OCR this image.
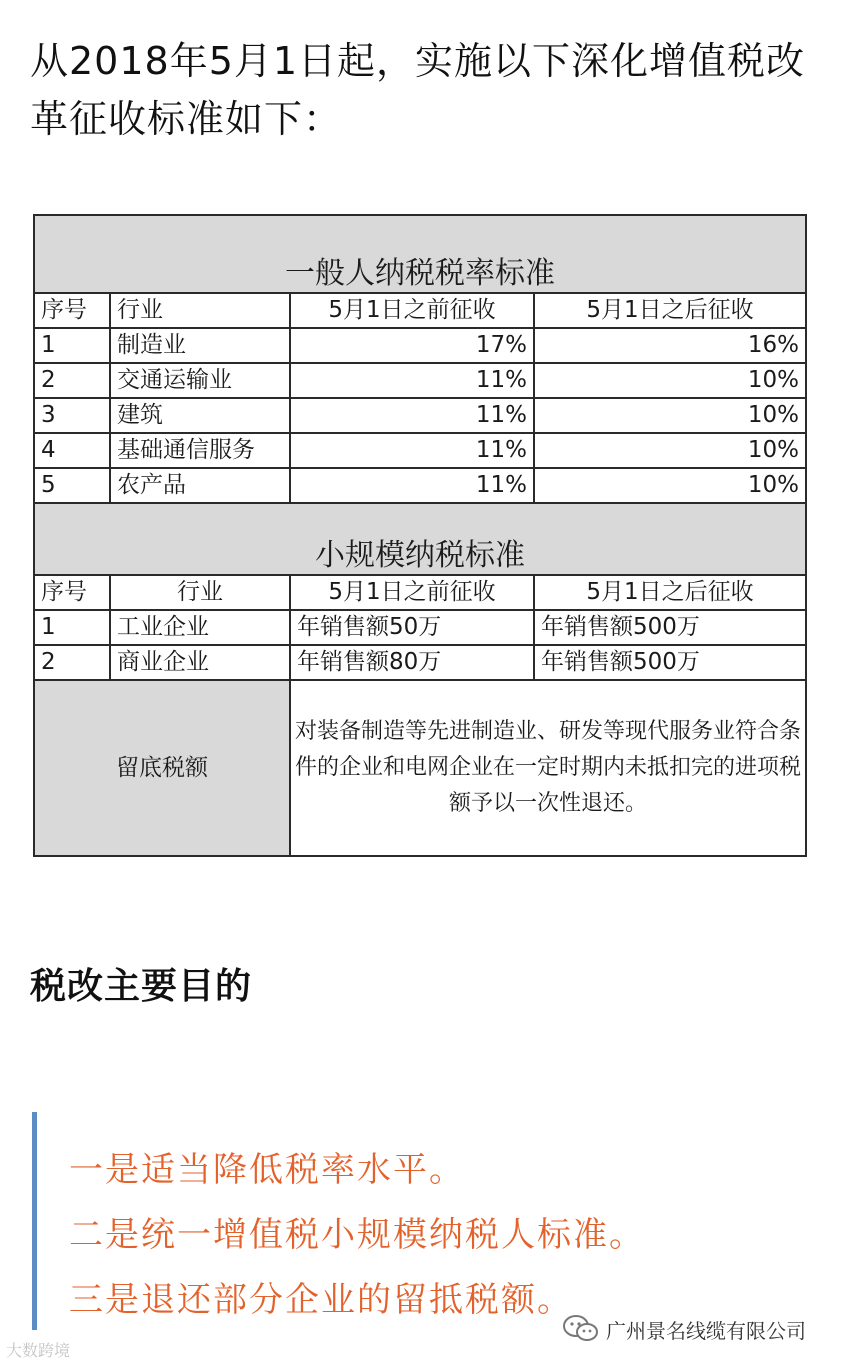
从2018年5月1日起，实施以下深化增值税改革征收标准如下：
一般人纳税税率标准			
序号	行业	5月1日之前征收	5月1日之后征收
1	制造业	17%	16%
2	交通运输业	11%	10%
3	建筑	11%	10%
4	基础通信服务	11%	10%
5	农产品	11%	10%
小规模纳税标准			
序号	行业	5月1日之前征收	5月1日之后征收
1	工业企业	年销售额50万	年销售额500万
2	商业企业	年销售额80万	年销售额500万
留底税额		对装备制造等先进制造业、研发等现代服务业符合条件的企业和电网企业在一定时期内未抵扣完的进项税额予以一次性退还。	
税改主要目的
一是适当降低税率水平。
二是统一增值税小规模纳税人标准。
三是退还部分企业的留抵税额。
大数跨境
广州景名线缆有限公司
